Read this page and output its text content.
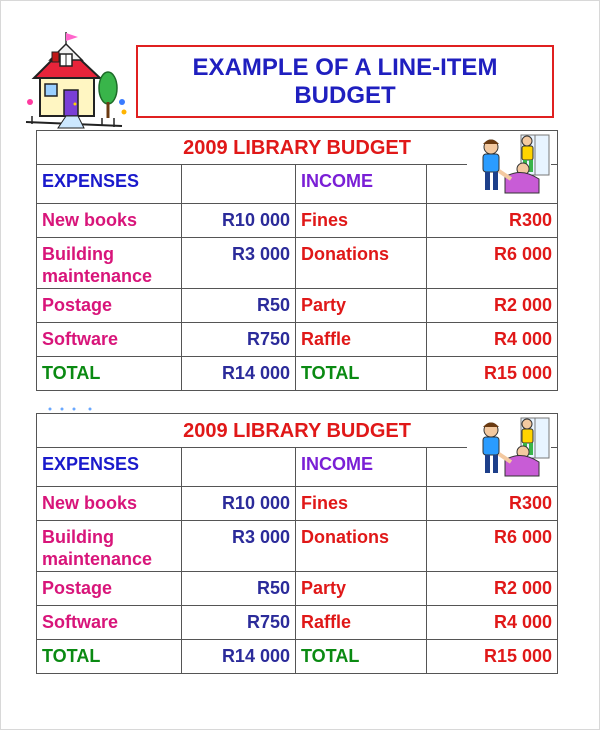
EXAMPLE OF A LINE-ITEM
BUDGET
2009 LIBRARY BUDGET			

EXPENSES		INCOME	
New books	R10 000	Fines	R300
Building maintenance	R3 000	Donations	R6 000
Postage	R50	Party	R2 000
Software	R750	Raffle	R4 000
TOTAL	R14 000	TOTAL	R15 000
2009 LIBRARY BUDGET			

EXPENSES		INCOME	
New books	R10 000	Fines	R300
Building maintenance	R3 000	Donations	R6 000
Postage	R50	Party	R2 000
Software	R750	Raffle	R4 000
TOTAL	R14 000	TOTAL	R15 000
